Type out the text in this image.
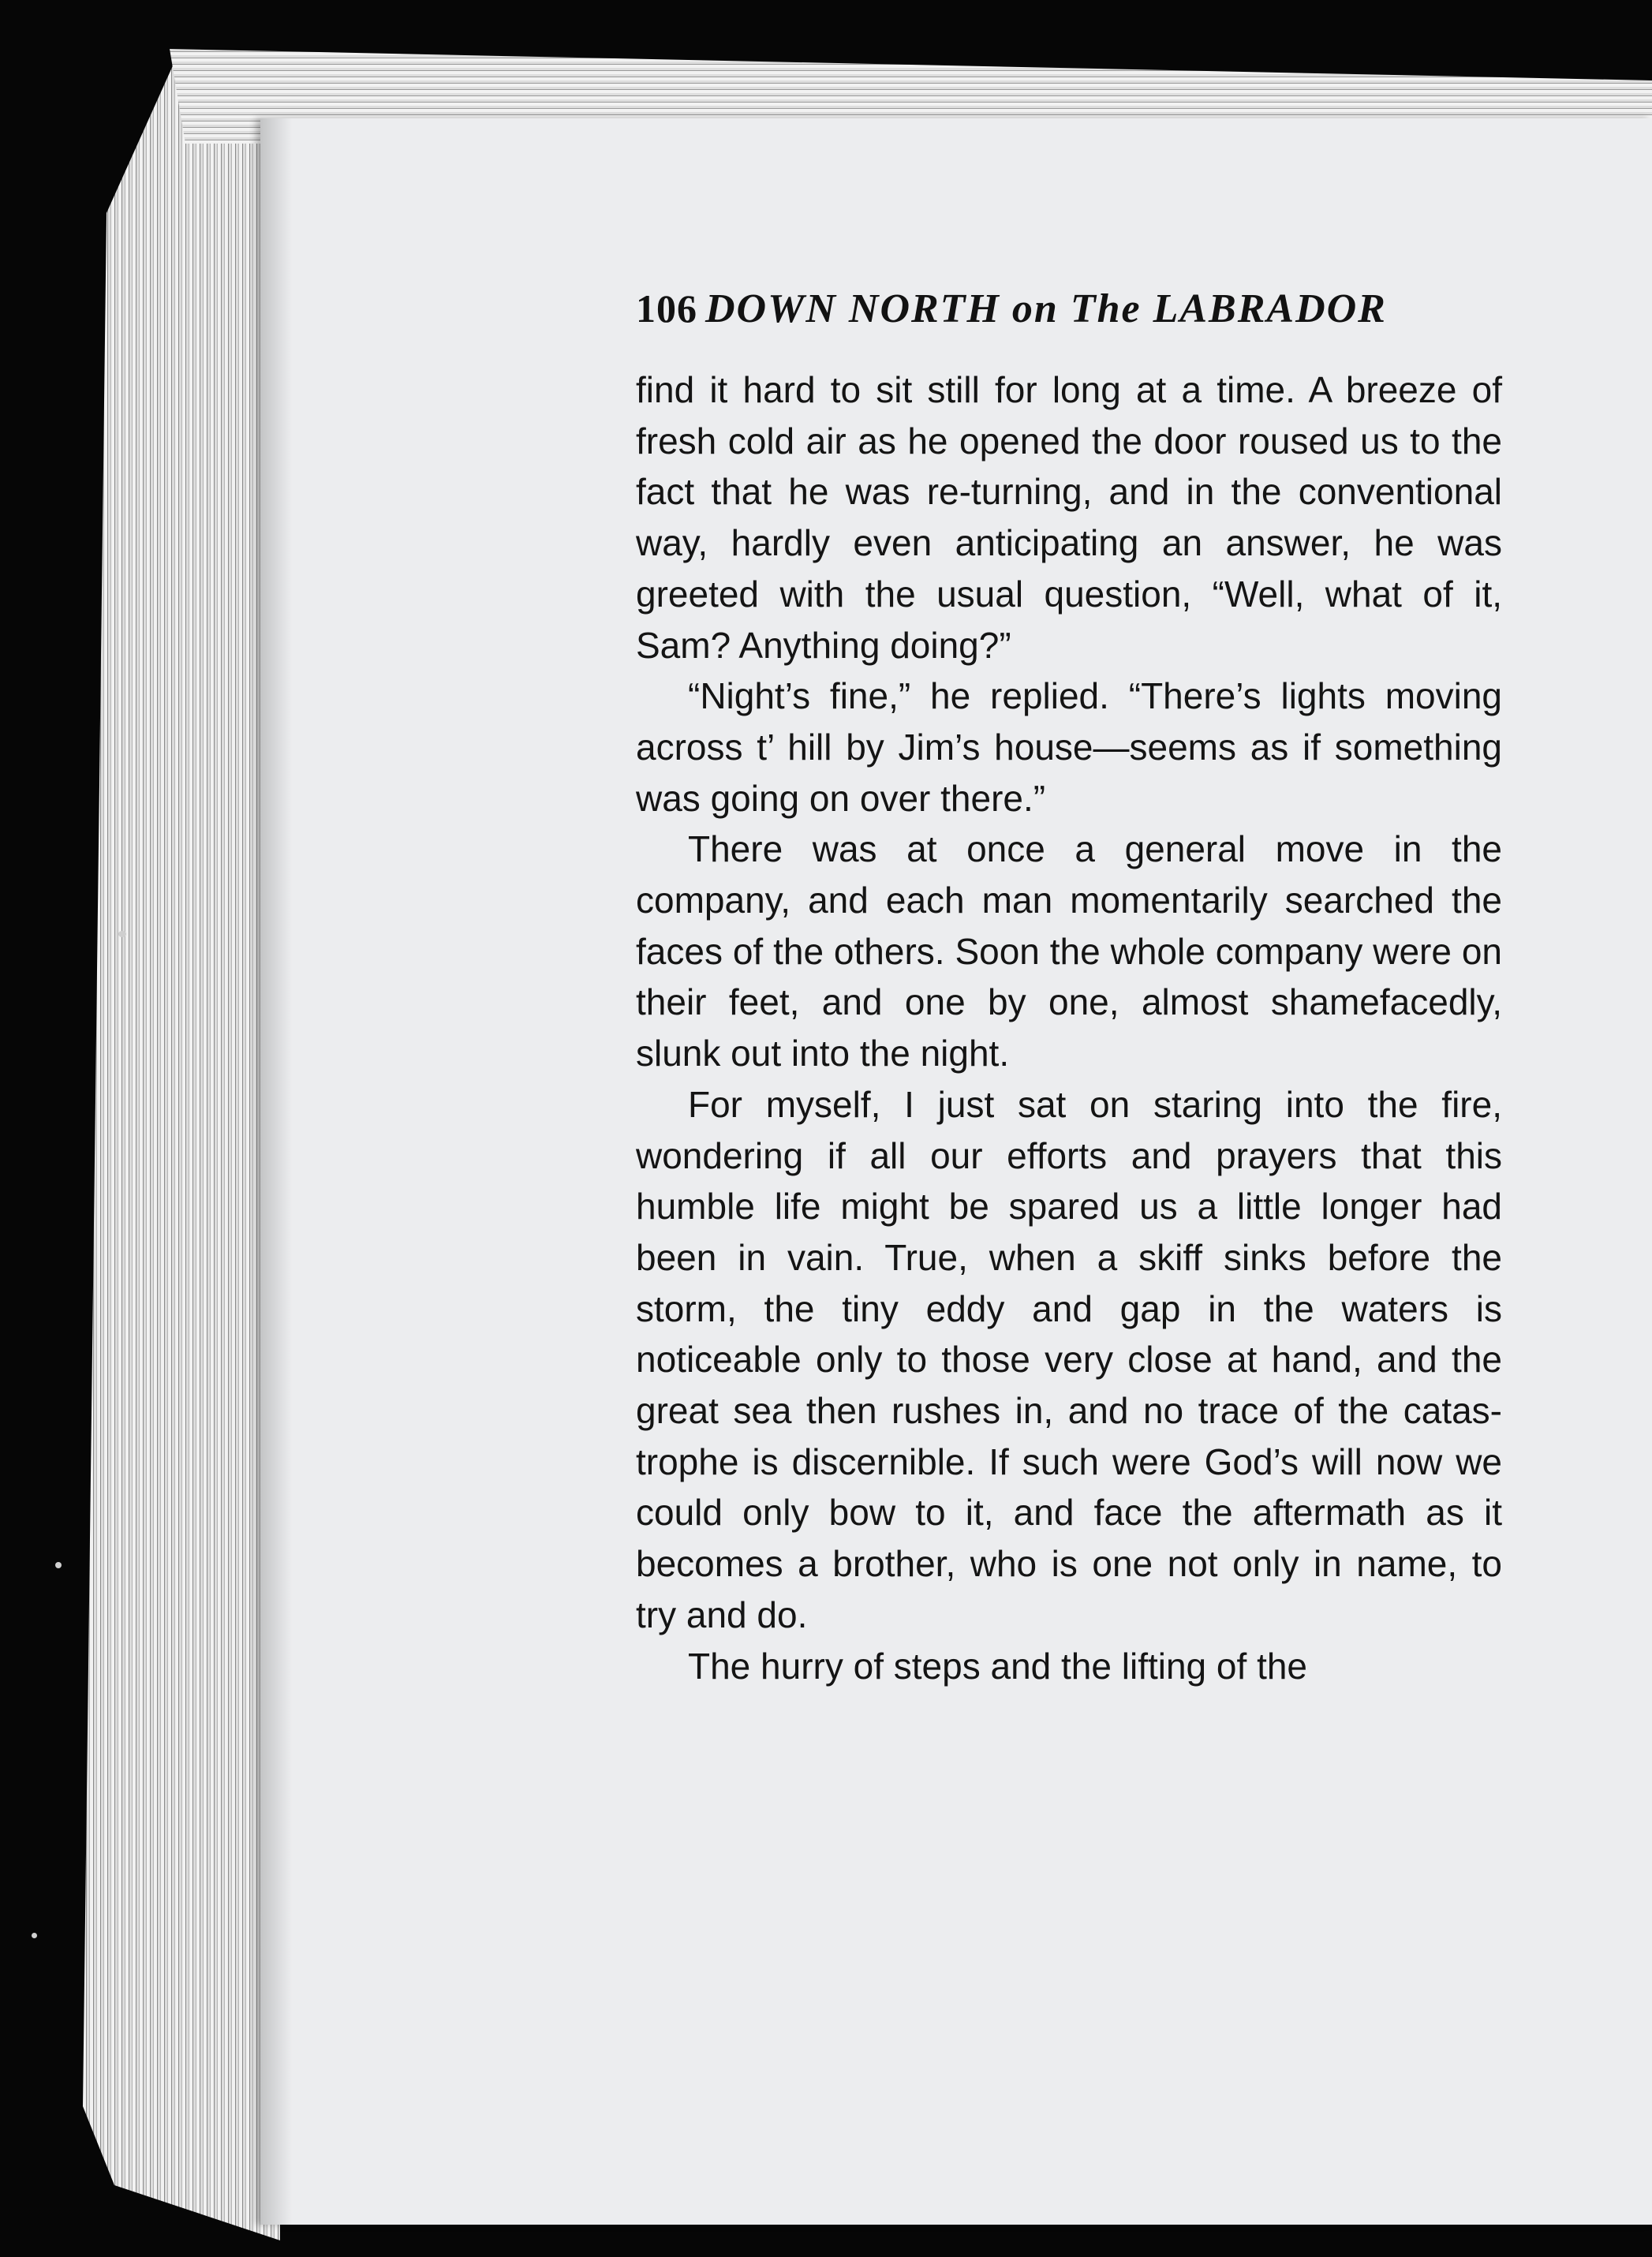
106 DOWN NORTH on The LABRADOR

find it hard to sit still for long at a time. A breeze of fresh cold air as he opened the door roused us to the fact that he was re-turning, and in the conventional way, hardly even anticipating an answer, he was greeted with the usual question, “Well, what of it, Sam? Anything doing?”

“Night’s fine,” he replied. “There’s lights moving across t’ hill by Jim’s house—seems as if something was going on over there.”

There was at once a general move in the company, and each man momentarily searched the faces of the others. Soon the whole company were on their feet, and one by one, almost shamefacedly, slunk out into the night.

For myself, I just sat on staring into the fire, wondering if all our efforts and prayers that this humble life might be spared us a little longer had been in vain. True, when a skiff sinks before the storm, the tiny eddy and gap in the waters is noticeable only to those very close at hand, and the great sea then rushes in, and no trace of the catas-trophe is discernible. If such were God’s will now we could only bow to it, and face the aftermath as it becomes a brother, who is one not only in name, to try and do.

The hurry of steps and the lifting of the
